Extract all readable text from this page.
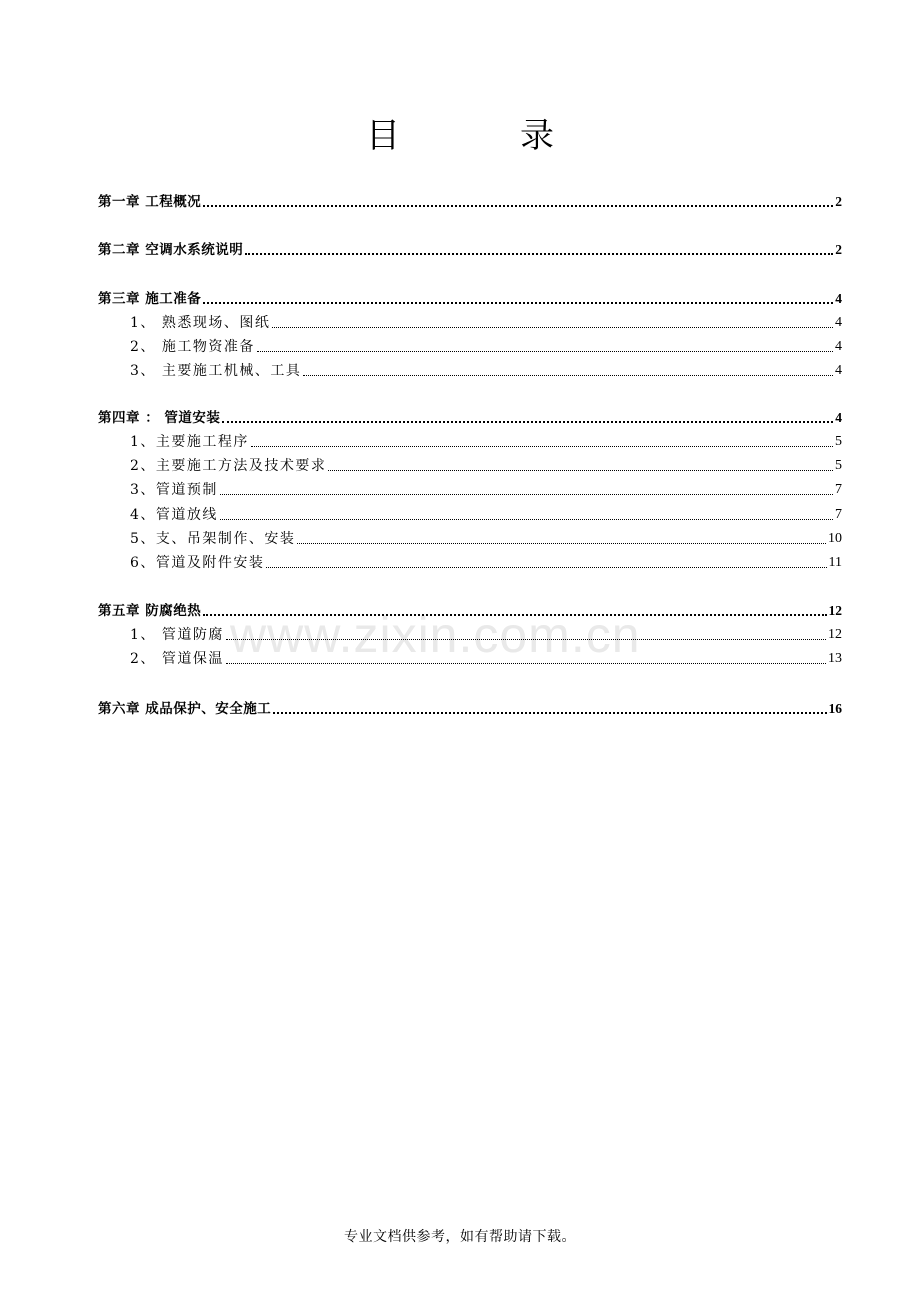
目	录
www.zixin.com.cn
第一章 工程概况	2
第二章 空调水系统说明	2
第三章 施工准备	4
1、 熟悉现场、图纸	4
2、 施工物资准备	4
3、 主要施工机械、工具	4
第四章 ： 管道安装	4
1、主要施工程序	5
2、主要施工方法及技术要求	5
3、管道预制	7
4、管道放线	7
5、支、吊架制作、安装	10
6、管道及附件安装	11
第五章 防腐绝热	12
1、 管道防腐	12
2、 管道保温	13
第六章 成品保护、安全施工	16
专业文档供参考，如有帮助请下载。
